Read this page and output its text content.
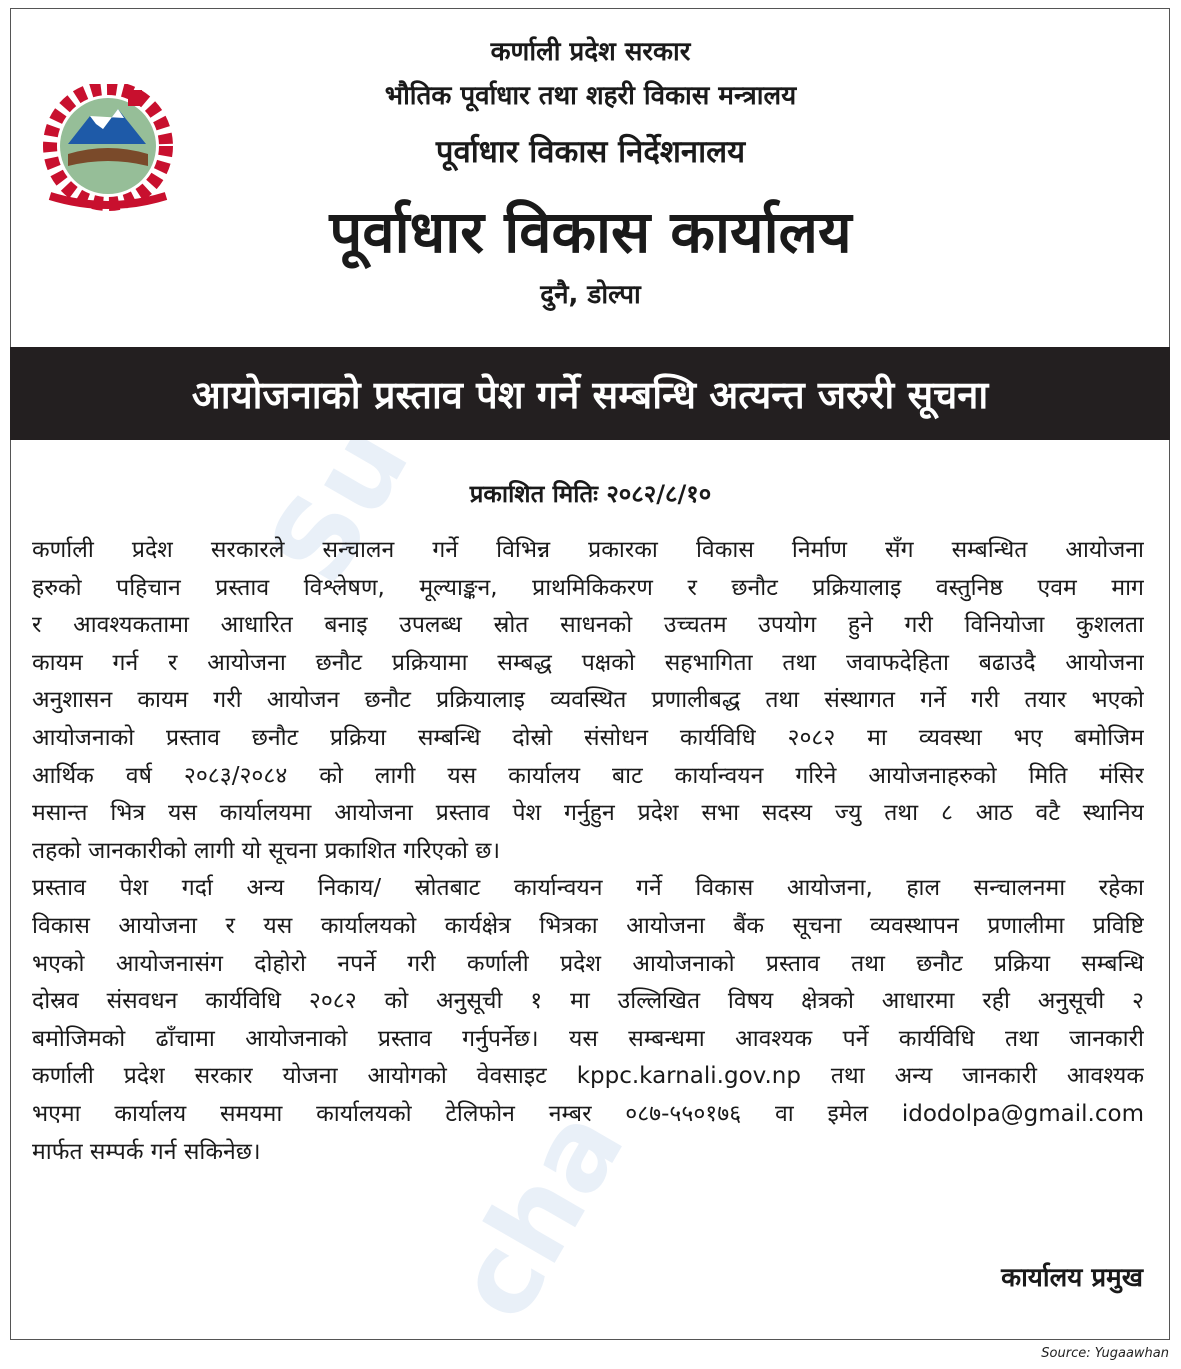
Su
cha
कर्णाली प्रदेश सरकार
भौतिक पूर्वाधार तथा शहरी विकास मन्त्रालय
पूर्वाधार विकास निर्देशनालय
पूर्वाधार विकास कार्यालय
दुनै, डोल्पा
आयोजनाको प्रस्ताव पेश गर्ने सम्बन्धि अत्यन्त जरुरी सूचना
प्रकाशित मितिः २०८२/८/१०
कर्णाली प्रदेश सरकारले सन्चालन गर्ने विभिन्न प्रकारका विकास निर्माण सँग सम्बन्धित आयोजना
हरुको पहिचान प्रस्ताव विश्लेषण, मूल्याङ्कन, प्राथमिकिकरण र छनौट प्रक्रियालाइ वस्तुनिष्ठ एवम माग
र आवश्यकतामा आधारित बनाइ उपलब्ध स्रोत साधनको उच्चतम उपयोग हुने गरी विनियोजा कुशलता
कायम गर्न र आयोजना छनौट प्रक्रियामा सम्बद्ध पक्षको सहभागिता तथा जवाफदेहिता बढाउदै आयोजना
अनुशासन कायम गरी आयोजन छनौट प्रक्रियालाइ व्यवस्थित प्रणालीबद्ध तथा संस्थागत गर्ने गरी तयार भएको
आयोजनाको प्रस्ताव छनौट प्रक्रिया सम्बन्धि दोस्रो संसोधन कार्यविधि २०८२ मा व्यवस्था भए बमोजिम
आर्थिक वर्ष २०८३/२०८४ को लागी यस कार्यालय बाट कार्यान्वयन गरिने आयोजनाहरुको मिति मंसिर
मसान्त भित्र यस कार्यालयमा आयोजना प्रस्ताव पेश गर्नुहुन प्रदेश सभा सदस्य ज्यु तथा ८ आठ वटै स्थानिय
तहको जानकारीको लागी यो सूचना प्रकाशित गरिएको छ।
प्रस्ताव पेश गर्दा अन्य निकाय/ स्रोतबाट कार्यान्वयन गर्ने विकास आयोजना, हाल सन्चालनमा रहेका
विकास आयोजना र यस कार्यालयको कार्यक्षेत्र भित्रका आयोजना बैंक सूचना व्यवस्थापन प्रणालीमा प्रविष्टि
भएको आयोजनासंग दोहोरो नपर्ने गरी कर्णाली प्रदेश आयोजनाको प्रस्ताव तथा छनौट प्रक्रिया सम्बन्धि
दोस्रव संसवधन कार्यविधि २०८२ को अनुसूची १ मा उल्लिखित विषय क्षेत्रको आधारमा रही अनुसूची २
बमोजिमको ढाँचामा आयोजनाको प्रस्ताव गर्नुपर्नेछ। यस सम्बन्धमा आवश्यक पर्ने कार्यविधि तथा जानकारी
कर्णाली प्रदेश सरकार योजना आयोगको वेवसाइट kppc.karnali.gov.np तथा अन्य जानकारी आवश्यक
भएमा कार्यालय समयमा कार्यालयको टेलिफोन नम्बर ०८७-५५०१७६ वा इमेल idodolpa@gmail.com
मार्फत सम्पर्क गर्न सकिनेछ।
कार्यालय प्रमुख
Source: Yugaawhan
